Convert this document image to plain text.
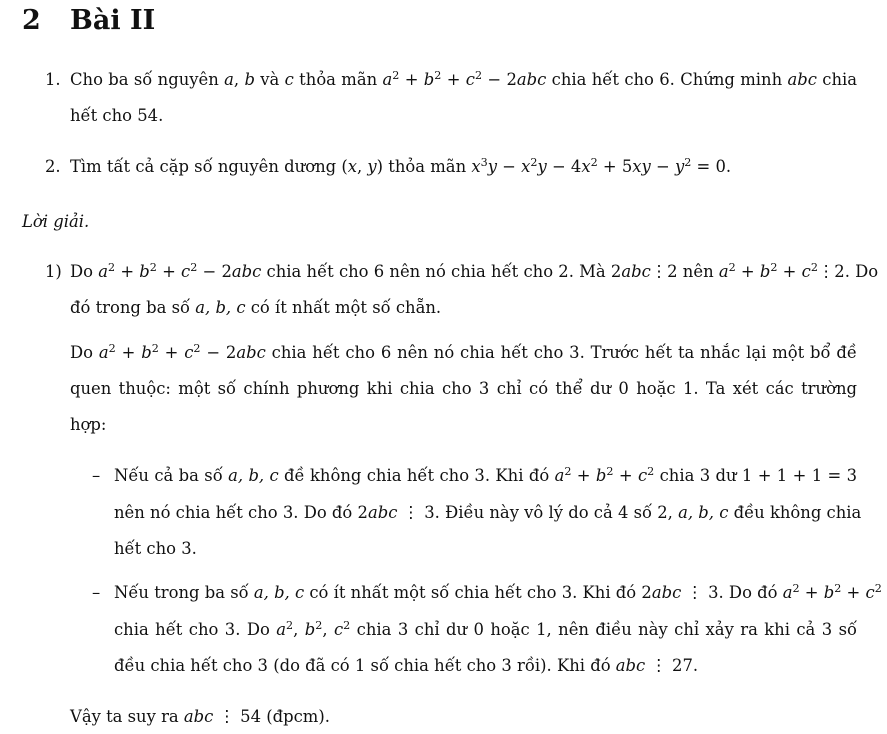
2 Bài II
1. Cho ba số nguyên a, b và c thỏa mãn $a^2 + b^2 + c^2 - 2abc$ chia hết cho 6. Chứng minh abc chia
hết cho 54.
2. Tìm tất cả cặp số nguyên dương (x, y) thỏa mãn $x^3y - x^2y - 4x^2 + 5xy - y^2 = 0$.
Lời giải.
1) Do $a^2 + b^2 + c^2 - 2abc$ chia hết cho 6 nên nó chia hết cho 2. Mà 2abc⋮2 nên $a^2 + b^2$ + $c^2⋮2$. Do
đó trong ba số a, b, c có ít nhất một số chẵn.
Do $a^2 + b^2 + c^2 - 2abc$ chia hết cho 6 nên nó chia hết cho 3. Trước hết ta nhắc lại một bổ đề
quen thuộc: một số chính phương khi chia cho 3 chỉ có thể dư 0 hoặc 1. Ta xét các trường
hợp:
– Nếu cả ba số a, b, c đề không chia hết cho 3. Khi đó $a^2 + b^2 + c^2$ chia 3 dư 1 + 1 + 1 = 3
nên nó chia hết cho 3. Do đó 2abc ⋮ 3. Điều này vô lý do cả 4 số 2, a, b, c đều không chia
hết cho 3.
– Nếu trong ba số a, b, c có ít nhất một số chia hết cho 3. Khi đó 2abc ⋮ 3. Do đó $a^2 + b^2 + c^2$
chia hết cho 3. Do $a^2$, $b^2$, $c^2$ chia 3 chỉ dư 0 hoặc 1, nên điều này chỉ xảy ra khi cả 3 số
đều chia hết cho 3 (do đã có 1 số chia hết cho 3 rồi). Khi đó abc ⋮ 27.
Vậy ta suy ra abc ⋮ 54 (đpcm).
